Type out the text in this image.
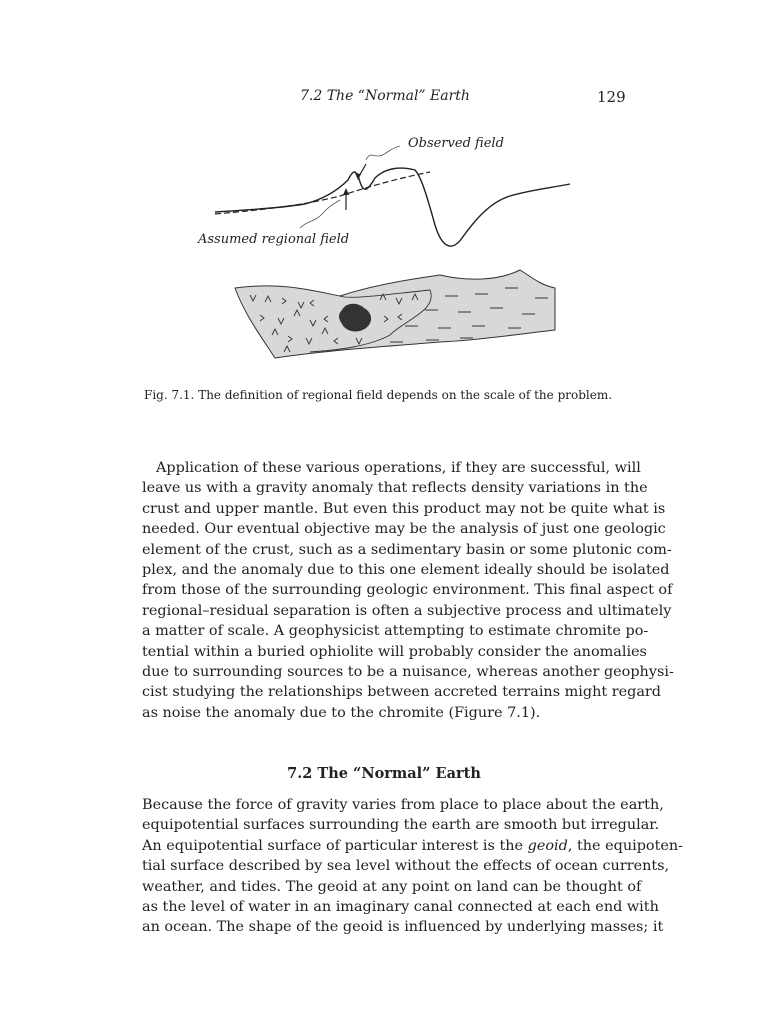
7.2 The “Normal” Earth	129
Observed field
Assumed regional field
Fig. 7.1. The definition of regional field depends on the scale of the problem.
Application of these various operations, if they are successful, will
leave us with a gravity anomaly that reflects density variations in the
crust and upper mantle. But even this product may not be quite what is
needed. Our eventual objective may be the analysis of just one geologic
element of the crust, such as a sedimentary basin or some plutonic com-
plex, and the anomaly due to this one element ideally should be isolated
from those of the surrounding geologic environment. This final aspect of
regional–residual separation is often a subjective process and ultimately
a matter of scale. A geophysicist attempting to estimate chromite po-
tential within a buried ophiolite will probably consider the anomalies
due to surrounding sources to be a nuisance, whereas another geophysi-
cist studying the relationships between accreted terrains might regard
as noise the anomaly due to the chromite (Figure 7.1).
7.2 The “Normal” Earth
Because the force of gravity varies from place to place about the earth,
equipotential surfaces surrounding the earth are smooth but irregular.
An equipotential surface of particular interest is the geoid, the equipoten-
tial surface described by sea level without the effects of ocean currents,
weather, and tides. The geoid at any point on land can be thought of
as the level of water in an imaginary canal connected at each end with
an ocean. The shape of the geoid is influenced by underlying masses; it
